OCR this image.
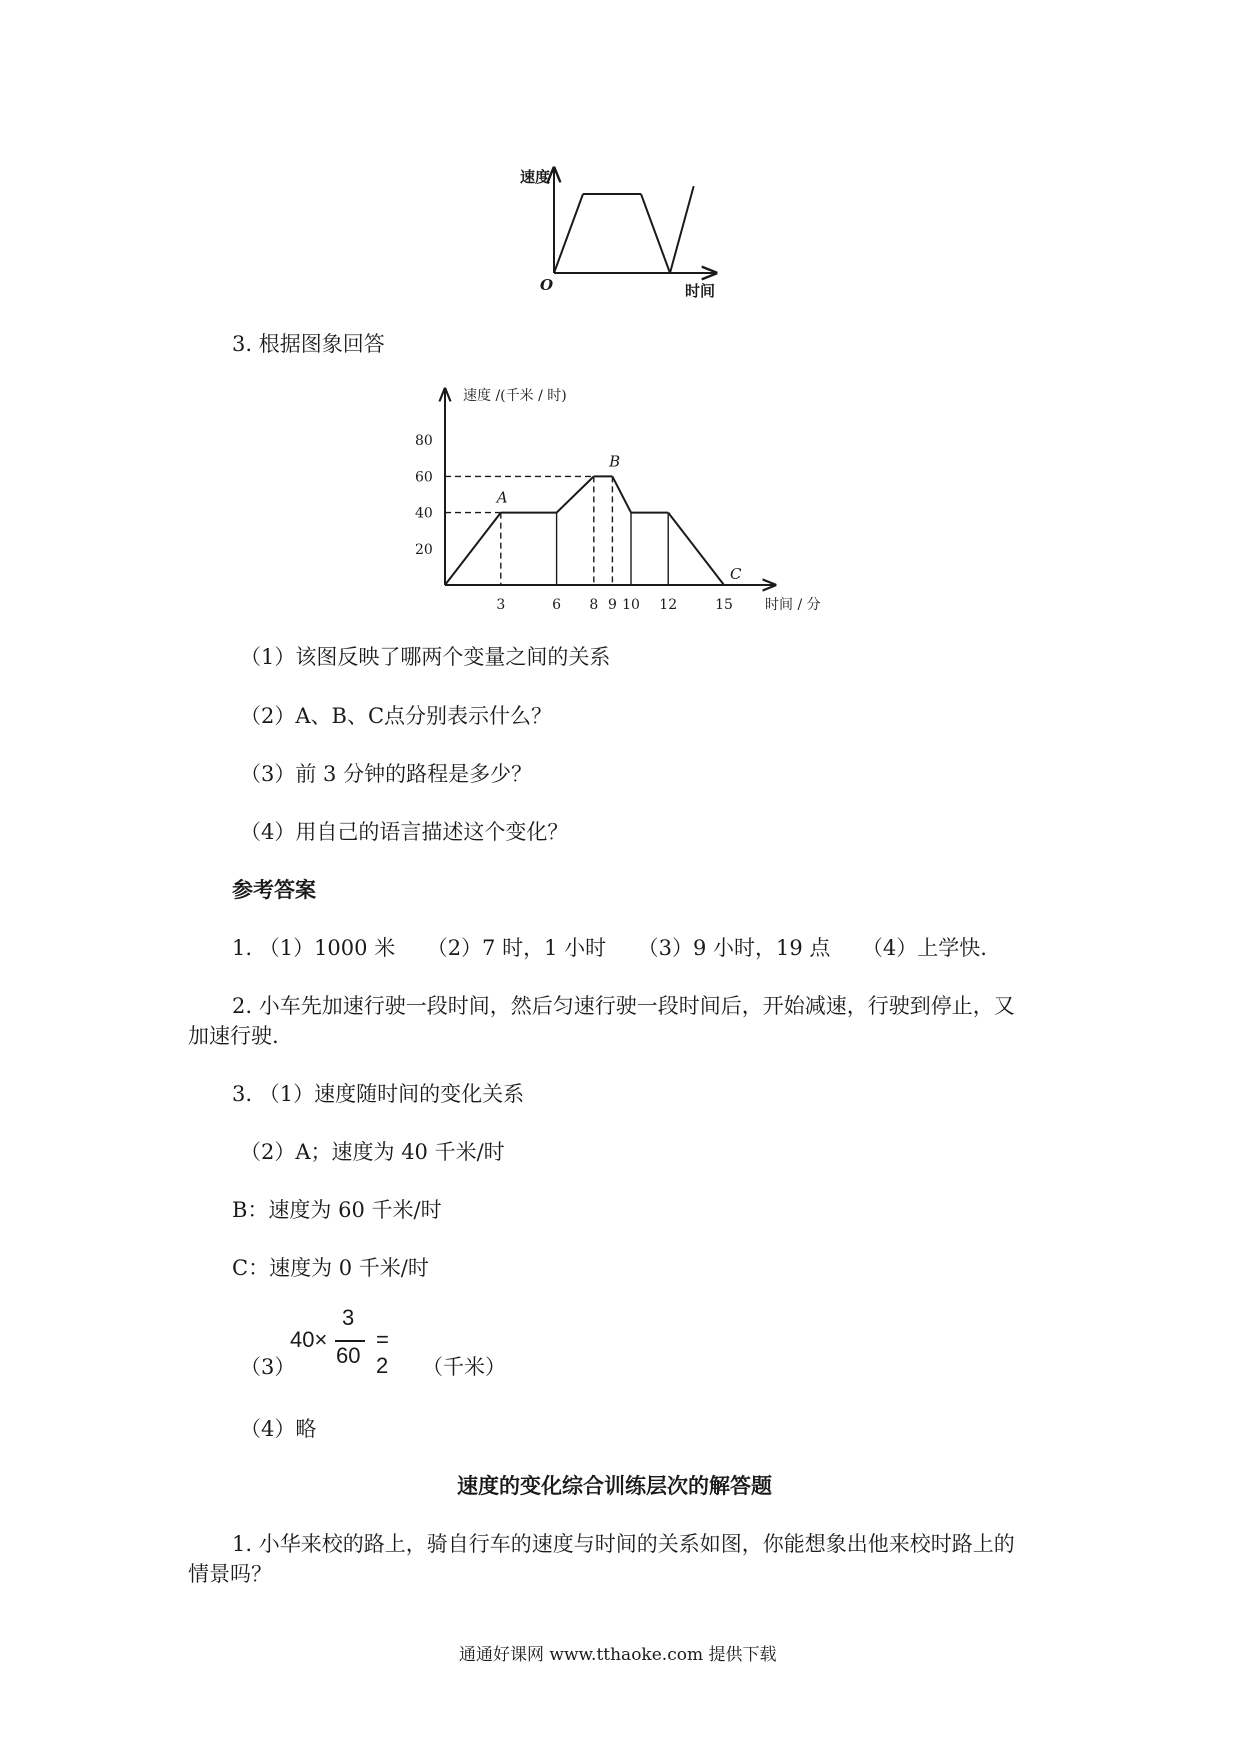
速度
时间
O
3. 根据图象回答
80
60
40
20
3	6 8 9 10 12	15
A
B
C
速度 /(千米 / 时)
时间 / 分
（1）该图反映了哪两个变量之间的关系
（2）A、B、C点分别表示什么？
（3）前 3 分钟的路程是多少？
（4）用自己的语言描述这个变化？
参考答案
1. （1）1000 米　　（2）7 时，1 小时　　（3）9 小时，19 点　　（4）上学快.
2. 小车先加速行驶一段时间，然后匀速行驶一段时间后，开始减速，行驶到停止，又
加速行驶.
3. （1）速度随时间的变化关系
（2）A；速度为 40 千米/时
B：速度为 60 千米/时
C：速度为 0 千米/时
（3）
40×
3
60
= 2 （千米）
（4）略
速度的变化综合训练层次的解答题
1. 小华来校的路上，骑自行车的速度与时间的关系如图，你能想象出他来校时路上的
情景吗？
通通好课网 www.tthaoke.com 提供下载
